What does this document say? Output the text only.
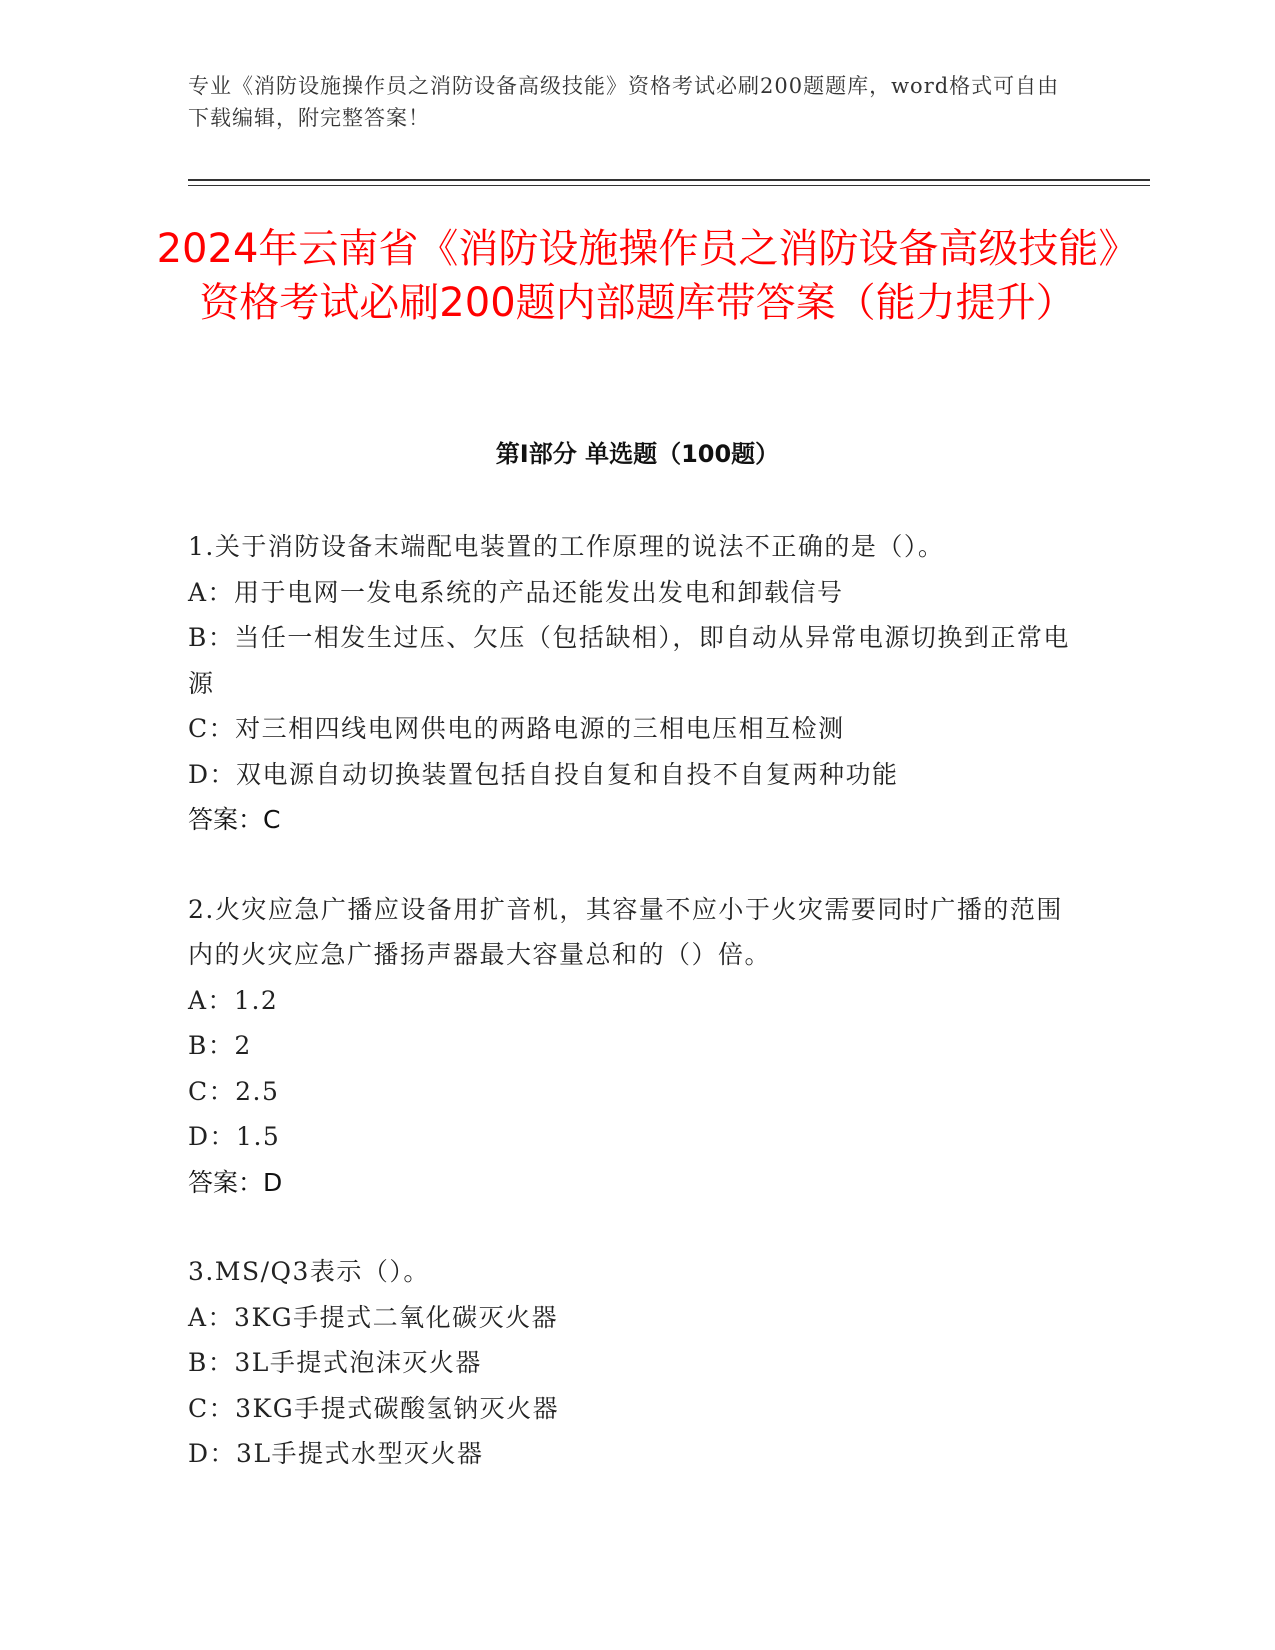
专业《消防设施操作员之消防设备高级技能》资格考试必刷200题题库，word格式可自由下载编辑，附完整答案！
2024年云南省《消防设施操作员之消防设备高级技能》资格考试必刷200题内部题库带答案（能力提升）
第Ⅰ部分 单选题（100题）
1.关于消防设备末端配电装置的工作原理的说法不正确的是（）。
A：用于电网一发电系统的产品还能发出发电和卸载信号
B：当任一相发生过压、欠压（包括缺相），即自动从异常电源切换到正常电源
C：对三相四线电网供电的两路电源的三相电压相互检测
D：双电源自动切换装置包括自投自复和自投不自复两种功能
答案：C
2.火灾应急广播应设备用扩音机，其容量不应小于火灾需要同时广播的范围内的火灾应急广播扬声器最大容量总和的（）倍。
A：1.2
B：2
C：2.5
D：1.5
答案：D
3.MS/Q3表示（）。
A：3KG手提式二氧化碳灭火器
B：3L手提式泡沫灭火器
C：3KG手提式碳酸氢钠灭火器
D：3L手提式水型灭火器
